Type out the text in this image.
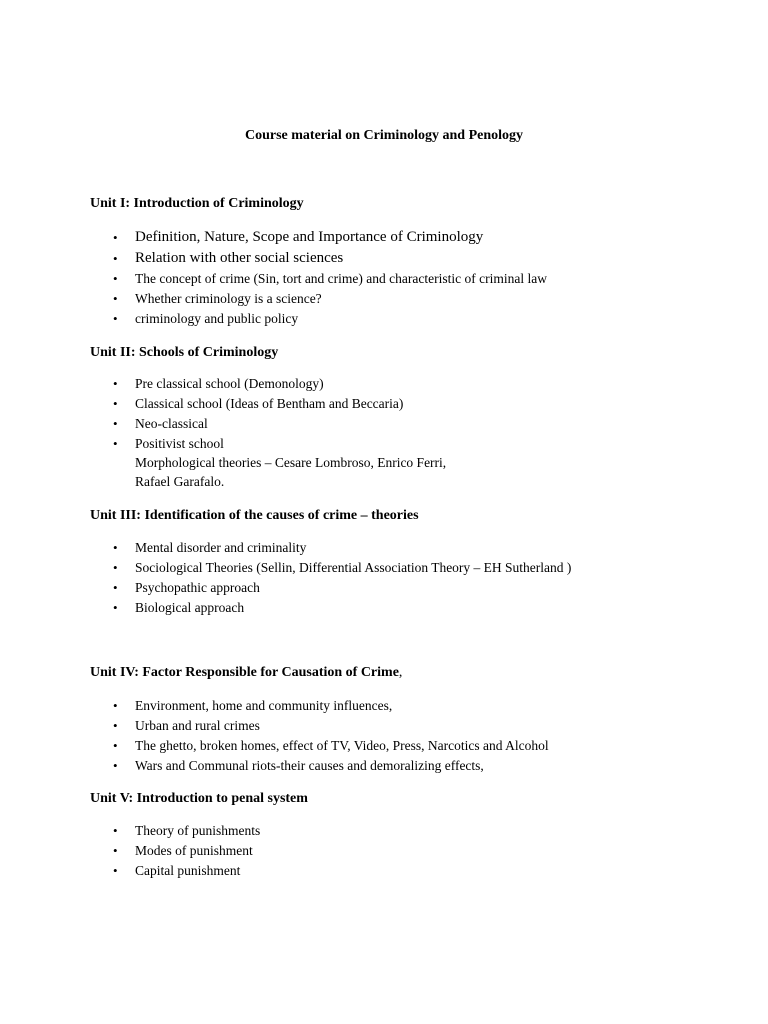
Course material on Criminology and Penology
Unit I: Introduction of Criminology
• Definition, Nature, Scope and Importance of Criminology
• Relation with other social sciences
• The concept of crime (Sin, tort and crime) and characteristic of criminal law
• Whether criminology is a science?
• criminology and public policy
Unit II: Schools of Criminology
• Pre classical school (Demonology)
• Classical school (Ideas of Bentham and Beccaria)
• Neo-classical
• Positivist school
Morphological theories – Cesare Lombroso, Enrico Ferri,
Rafael Garafalo.
Unit III: Identification of the causes of crime – theories
• Mental disorder and criminality
• Sociological Theories (Sellin, Differential Association Theory – EH Sutherland )
• Psychopathic approach
• Biological approach
Unit IV: Factor Responsible for Causation of Crime,
• Environment, home and community influences,
• Urban and rural crimes
• The ghetto, broken homes, effect of TV, Video, Press, Narcotics and Alcohol
• Wars and Communal riots-their causes and demoralizing effects,
Unit V: Introduction to penal system
• Theory of punishments
• Modes of punishment
• Capital punishment
